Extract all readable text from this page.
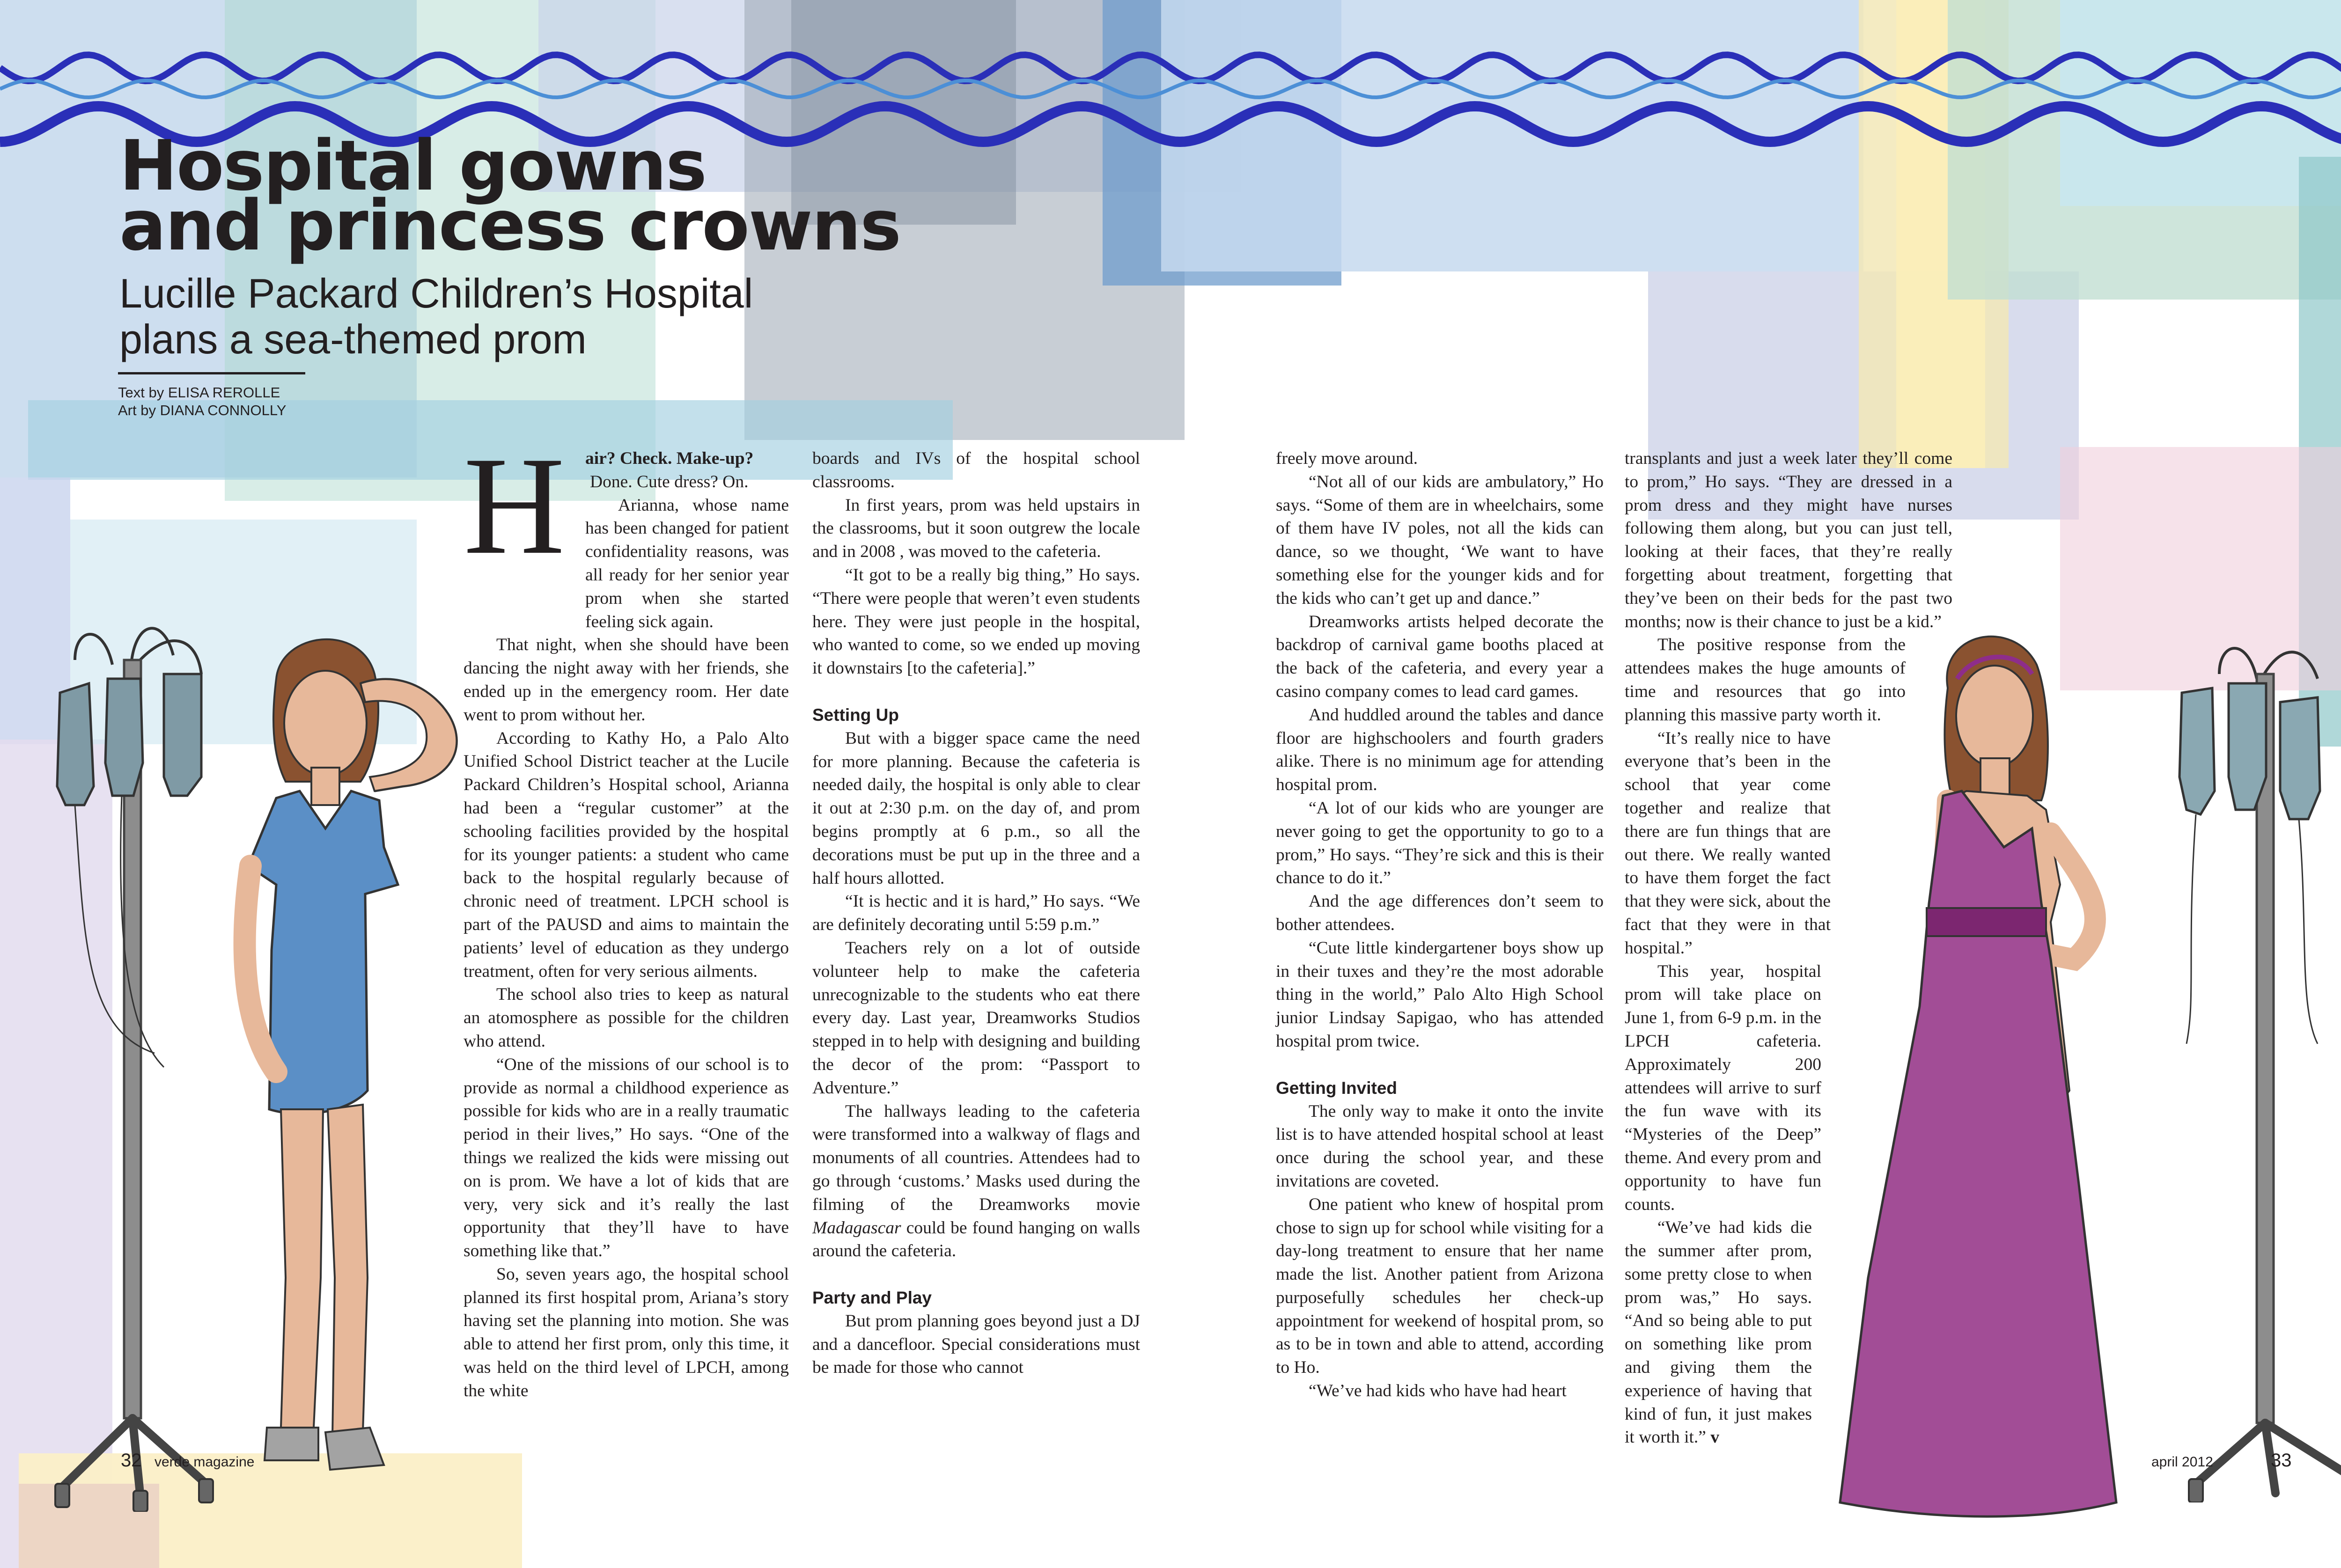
Hospital gowns
and princess crowns
Lucille Packard Children’s Hospital
plans a sea-themed prom
Text by ELISA REROLLE
Art by DIANA CONNOLLY
H	air? Check. Make-up?
Done. Cute dress? On.

Arianna, whose name has been changed for patient confidentiality reasons, was all ready for her senior year prom when she started feeling sick again.

That night, when she should have been dancing the night away with her friends, she ended up in the emergency room. Her date went to prom without her.

According to Kathy Ho, a Palo Alto Unified School District teacher at the Lucile Packard Children’s Hospital school, Arianna had been a “regular customer” at the schooling facilities provided by the hospital for its younger patients: a student who came back to the hospital regularly because of chronic need of treatment. LPCH school is part of the PAUSD and aims to maintain the patients’ level of education as they undergo treatment, often for very serious ailments.

The school also tries to keep as natural an atomosphere as possible for the children who attend.

“One of the missions of our school is to provide as normal a childhood experience as possible for kids who are in a really traumatic period in their lives,” Ho says. “One of the things we realized the kids were missing out on is prom. We have a lot of kids that are very, very sick and it’s really the last opportunity that they’ll have to have something like that.”

So, seven years ago, the hospital school planned its first hospital prom, Ariana’s story having set the planning into motion. She was able to attend her first prom, only this time, it was held on the third level of LPCH, among the white

boards and IVs of the hospital school classrooms.

In first years, prom was held upstairs in the classrooms, but it soon outgrew the locale and in 2008 , was moved to the cafeteria.

“It got to be a really big thing,” Ho says. “There were people that weren’t even students here. They were just people in the hospital, who wanted to come, so we ended up moving it downstairs [to the cafeteria].”

Setting Up

But with a bigger space came the need for more planning. Because the cafeteria is needed daily, the hospital is only able to clear it out at 2:30 p.m. on the day of, and prom begins promptly at 6 p.m., so all the decorations must be put up in the three and a half hours allotted.

“It is hectic and it is hard,” Ho says. “We are definitely decorating until 5:59 p.m.”

Teachers rely on a lot of outside volunteer help to make the cafeteria unrecognizable to the students who eat there every day. Last year, Dreamworks Studios stepped in to help with designing and building the decor of the prom: “Passport to Adventure.”

The hallways leading to the cafeteria were transformed into a walkway of flags and monuments of all countries. Attendees had to go through ‘customs.’ Masks used during the filming of the Dreamworks movie Madagascar could be found hanging on walls around the cafeteria.

Party and Play

But prom planning goes beyond just a DJ and a dancefloor. Special considerations must be made for those who cannot

freely move around.

“Not all of our kids are ambulatory,” Ho says. “Some of them are in wheelchairs, some of them have IV poles, not all the kids can dance, so we thought, ‘We want to have something else for the younger kids and for the kids who can’t get up and dance.”

Dreamworks artists helped decorate the backdrop of carnival game booths placed at the back of the cafeteria, and every year a casino company comes to lead card games.

And huddled around the tables and dance floor are highschoolers and fourth graders alike. There is no minimum age for attending hospital prom.

“A lot of our kids who are younger are never going to get the opportunity to go to a prom,” Ho says. “They’re sick and this is their chance to do it.”

And the age differences don’t seem to bother attendees.

“Cute little kindergartener boys show up in their tuxes and they’re the most adorable thing in the world,” Palo Alto High School junior Lindsay Sapigao, who has attended hospital prom twice.

Getting Invited

The only way to make it onto the invite list is to have attended hospital school at least once during the school year, and these invitations are coveted.

One patient who knew of hospital prom chose to sign up for school while visiting for a day-long treatment to ensure that her name made the list. Another patient from Arizona purposefully schedules her check-up appointment for weekend of hospital prom, so as to be in town and able to attend, according to Ho.

“We’ve had kids who have had heart

transplants and just a week later they’ll come to prom,” Ho says. “They are dressed in a prom dress and they might have nurses following them along, but you can just tell, looking at their faces, that they’re really forgetting about treatment, forgetting that they’ve been on their beds for the past two months; now is their chance to just be a kid.”

The positive response from the attendees makes the huge amounts of time and resources that go into planning this massive party worth it.

“It’s really nice to have everyone that’s been in the school that year come together and realize that there are fun things that are out there. We really wanted to have them forget the fact that they were sick, about the fact that they were in that hospital.”

This year, hospital prom will take place on June 1, from 6-9 p.m. in the LPCH cafeteria. Approximately 200 attendees will arrive to surf the fun wave with its “Mysteries of the Deep” theme. And every prom and opportunity to have fun counts.

“We’ve had kids die the summer after prom, some pretty close to when prom was,” Ho says. “And so being able to put on something like prom and giving them the experience of having that kind of fun, it just makes it worth it.” v

32 verde magazine	april 2012	33
